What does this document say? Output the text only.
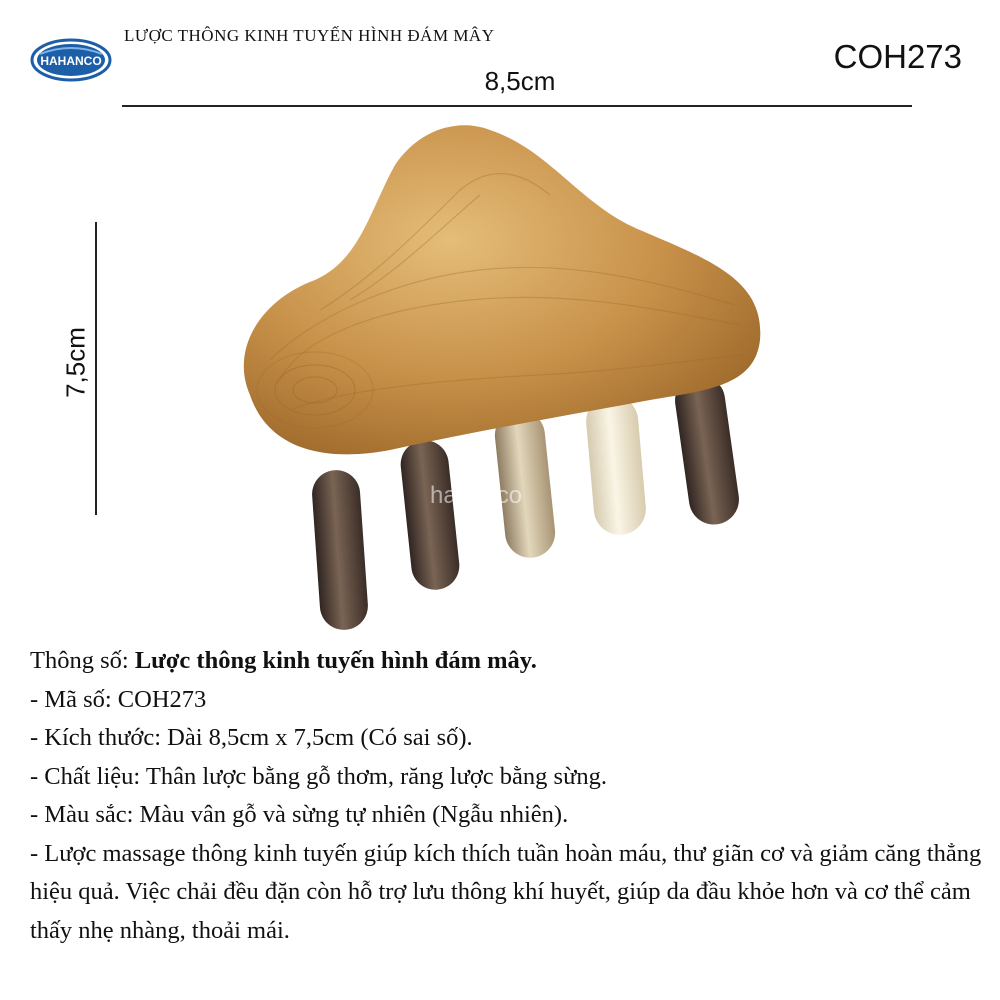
HAHANCO
LƯỢC THÔNG KINH TUYẾN HÌNH ĐÁM MÂY
COH273
8,5cm
7,5cm
hahanco
Thông số: Lược thông kinh tuyến hình đám mây.
- Mã số: COH273
- Kích thước: Dài 8,5cm x 7,5cm (Có sai số).
- Chất liệu: Thân lược bằng gỗ thơm, răng lược bằng sừng.
- Màu sắc: Màu vân gỗ và sừng tự nhiên (Ngẫu nhiên).
- Lược massage thông kinh tuyến giúp kích thích tuần hoàn máu, thư giãn cơ và giảm căng thẳng hiệu quả. Việc chải đều đặn còn hỗ trợ lưu thông khí huyết, giúp da đầu khỏe hơn và cơ thể cảm thấy nhẹ nhàng, thoải mái.
